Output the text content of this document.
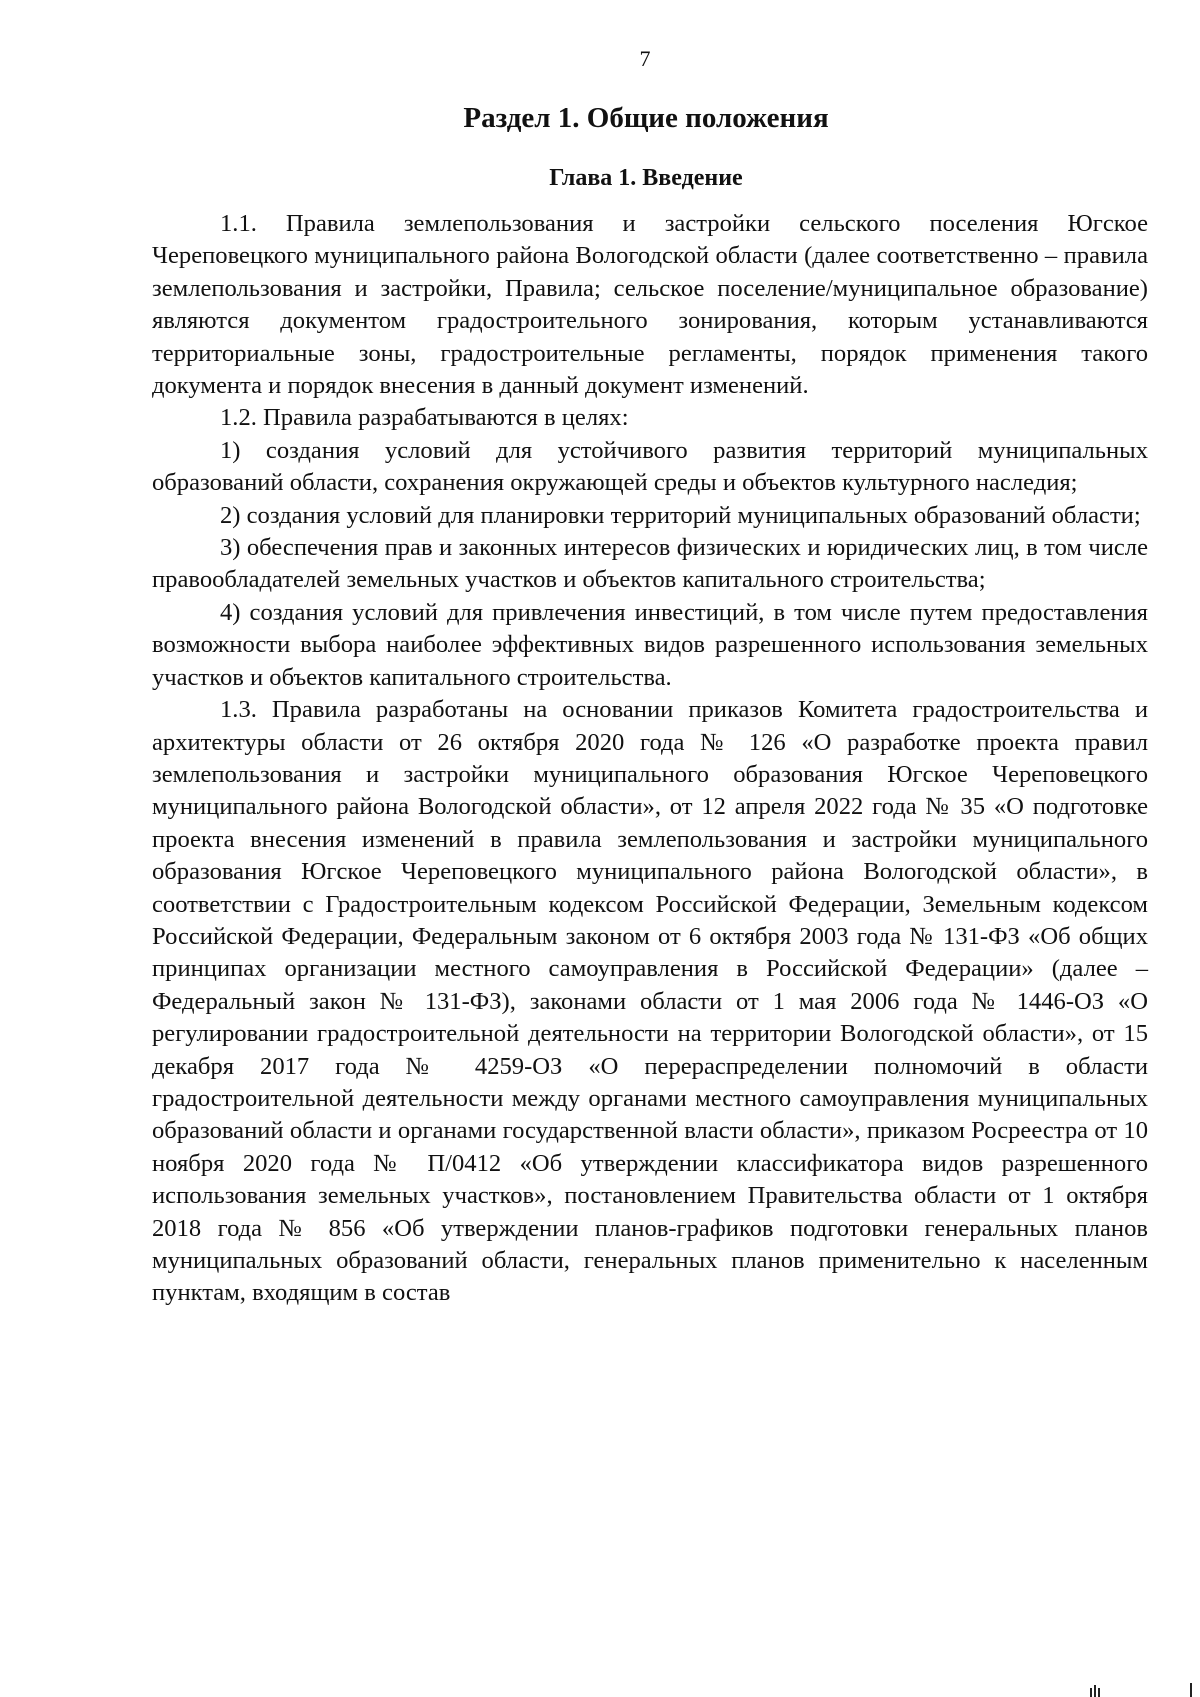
7
Раздел 1. Общие положения
Глава 1. Введение

1.1. Правила землепользования и застройки сельского поселения Югское Череповецкого муниципального района Вологодской области (далее соответственно – правила землепользования и застройки, Правила; сельское поселение/муниципальное образование) являются документом градостроительного зонирования, которым устанавливаются территориальные зоны, градостроительные регламенты, порядок применения такого документа и порядок внесения в данный документ изменений.

1.2. Правила разрабатываются в целях:

1) создания условий для устойчивого развития территорий муниципальных образований области, сохранения окружающей среды и объектов культурного наследия;

2) создания условий для планировки территорий муниципальных образований области;

3) обеспечения прав и законных интересов физических и юридических лиц, в том числе правообладателей земельных участков и объектов капитального строительства;

4) создания условий для привлечения инвестиций, в том числе путем предоставления возможности выбора наиболее эффективных видов разрешенного использования земельных участков и объектов капитального строительства.

1.3. Правила разработаны на основании приказов Комитета градостроительства и архитектуры области от 26 октября 2020 года № 126 «О разработке проекта правил землепользования и застройки муниципального образования Югское Череповецкого муниципального района Вологодской области», от 12 апреля 2022 года № 35 «О подготовке проекта внесения изменений в правила землепользования и застройки муниципального образования Югское Череповецкого муниципального района Вологодской области», в соответствии с Градостроительным кодексом Российской Федерации, Земельным кодексом Российской Федерации, Федеральным законом от 6 октября 2003 года № 131-ФЗ «Об общих принципах организации местного самоуправления в Российской Федерации» (далее – Федеральный закон № 131-ФЗ), законами области от 1 мая 2006 года № 1446-ОЗ «О регулировании градостроительной деятельности на территории Вологодской области», от 15 декабря 2017 года № 4259-ОЗ «О перераспределении полномочий в области градостроительной деятельности между органами местного самоуправления муниципальных образований области и органами государственной власти области», приказом Росреестра от 10 ноября 2020 года № П/0412 «Об утверждении классификатора видов разрешенного использования земельных участков», постановлением Правительства области от 1 октября 2018 года № 856 «Об утверждении планов-графиков подготовки генеральных планов муниципальных образований области, генеральных планов применительно к населенным пунктам, входящим в состав
